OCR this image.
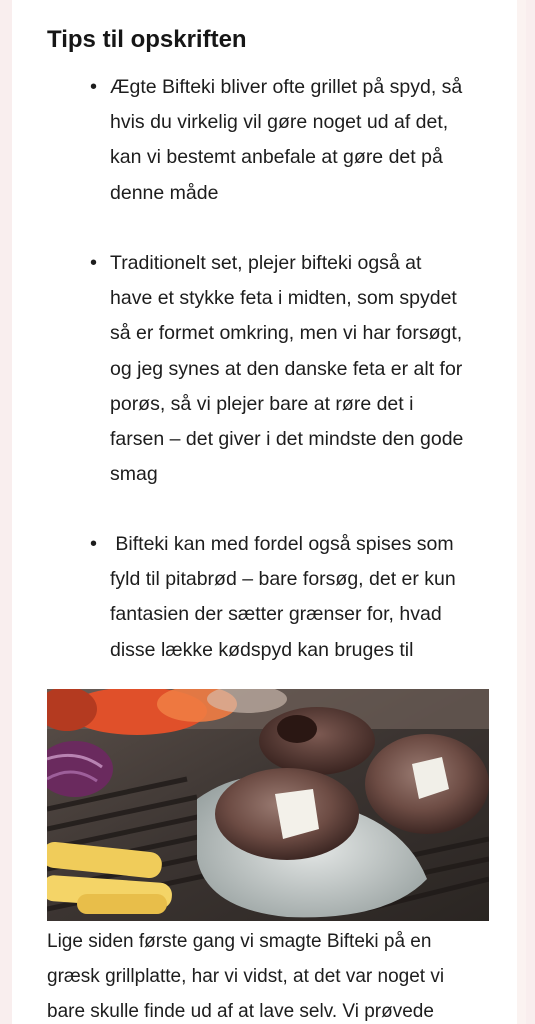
Tips til opskriften
• Ægte Bifteki bliver ofte grillet på spyd, så
hvis du virkelig vil gøre noget ud af det,
kan vi bestemt anbefale at gøre det på
denne måde
• Traditionelt set, plejer bifteki også at
have et stykke feta i midten, som spydet
så er formet omkring, men vi har forsøgt,
og jeg synes at den danske feta er alt for
porøs, så vi plejer bare at røre det i
farsen – det giver i det mindste den gode
smag
• Bifteki kan med fordel også spises som
fyld til pitabrød – bare forsøg, det er kun
fantasien der sætter grænser for, hvad
disse lække kødspyd kan bruges til
Lige siden første gang vi smagte Bifteki på en
græsk grillplatte, har vi vidst, at det var noget vi
bare skulle finde ud af at lave selv. Vi prøvede
